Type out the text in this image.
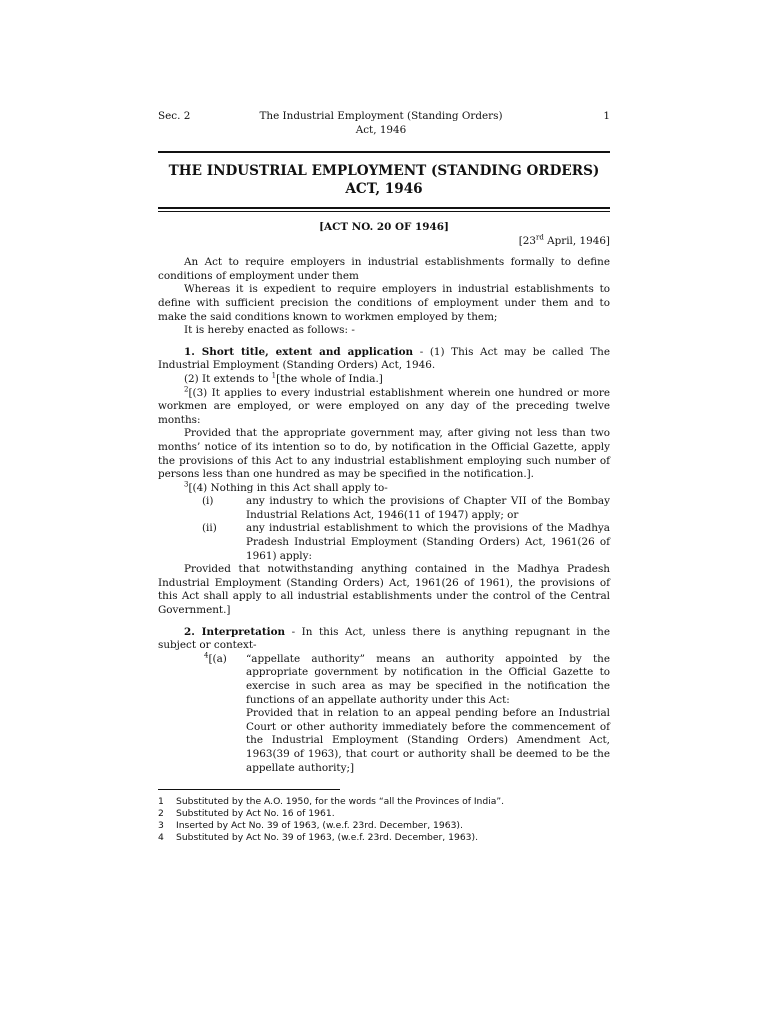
Sec. 2	The Industrial Employment (Standing Orders)
Act, 1946
1
THE INDUSTRIAL EMPLOYMENT (STANDING ORDERS)
ACT, 1946
[ACT NO. 20 OF 1946]
[23rd April, 1946]

An Act to require employers in industrial establishments formally to define conditions of employment under them

Whereas it is expedient to require employers in industrial establishments to define with sufficient precision the conditions of employment under them and to make the said conditions known to workmen employed by them;

It is hereby enacted as follows: -

1. Short title, extent and application - (1) This Act may be called The Industrial Employment (Standing Orders) Act, 1946.

(2) It extends to $^1$[the whole of India.]

$^2$[(3) It applies to every industrial establishment wherein one hundred or more workmen are employed, or were employed on any day of the preceding twelve months:

Provided that the appropriate government may, after giving not less than two months’ notice of its intention so to do, by notification in the Official Gazette, apply the provisions of this Act to any industrial establishment employing such number of persons less than one hundred as may be specified in the notification.].

$^3$[(4) Nothing in this Act shall apply to-

(i)	any industry to which the provisions of Chapter VII of the Bombay Industrial Relations Act, 1946(11 of 1947) apply; or
(ii)	any industrial establishment to which the provisions of the Madhya Pradesh Industrial Employment (Standing Orders) Act, 1961(26 of 1961) apply:

Provided that notwithstanding anything contained in the Madhya Pradesh Industrial Employment (Standing Orders) Act, 1961(26 of 1961), the provisions of this Act shall apply to all industrial establishments under the control of the Central Government.]

2. Interpretation - In this Act, unless there is anything repugnant in the subject or context-

$^4$[(a)	“appellate authority” means an authority appointed by the appropriate government by notification in the Official Gazette to exercise in such area as may be specified in the notification the functions of an appellate authority under this Act:
Provided that in relation to an appeal pending before an Industrial Court or other authority immediately before the commencement of the Industrial Employment (Standing Orders) Amendment Act, 1963(39 of 1963), that court or authority shall be deemed to be the appellate authority;]
1	Substituted by the A.O. 1950, for the words “all the Provinces of India”.
2	Substituted by Act No. 16 of 1961.
3	Inserted by Act No. 39 of 1963, (w.e.f. 23rd. December, 1963).
4	Substituted by Act No. 39 of 1963, (w.e.f. 23rd. December, 1963).
